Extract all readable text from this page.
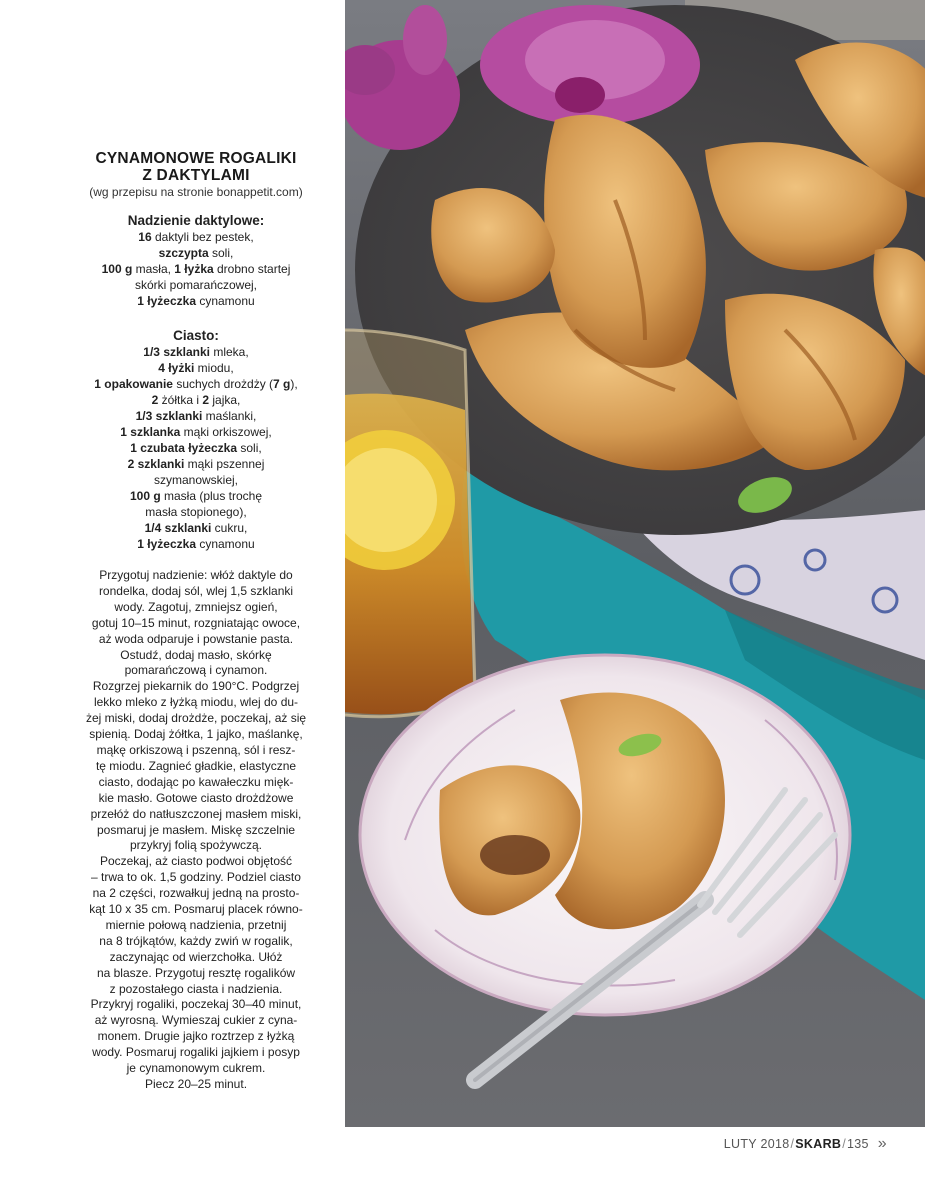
CYNAMONOWE ROGALIKI
Z DAKTYLAMI
(wg przepisu na stronie bonappetit.com)
Nadzienie daktylowe:
16 daktyli bez pestek,
szczypta soli,
100 g masła, 1 łyżka drobno startej
skórki pomarańczowej,
1 łyżeczka cynamonu
Ciasto:
1/3 szklanki mleka,
4 łyżki miodu,
1 opakowanie suchych drożdży (7 g),
2 żółtka i 2 jajka,
1/3 szklanki maślanki,
1 szklanka mąki orkiszowej,
1 czubata łyżeczka soli,
2 szklanki mąki pszennej
szymanowskiej,
100 g masła (plus trochę
masła stopionego),
1/4 szklanki cukru,
1 łyżeczka cynamonu
Przygotuj nadzienie: włóż daktyle do
rondelka, dodaj sól, wlej 1,5 szklanki
wody. Zagotuj, zmniejsz ogień,
gotuj 10–15 minut, rozgniatając owoce,
aż woda odparuje i powstanie pasta.
Ostudź, dodaj masło, skórkę
pomarańczową i cynamon.
Rozgrzej piekarnik do 190°C. Podgrzej
lekko mleko z łyżką miodu, wlej do du-
żej miski, dodaj drożdże, poczekaj, aż się
spienią. Dodaj żółtka, 1 jajko, maślankę,
mąkę orkiszową i pszenną, sól i resz-
tę miodu. Zagnieć gładkie, elastyczne
ciasto, dodając po kawałeczku mięk-
kie masło. Gotowe ciasto drożdżowe
przełóż do natłuszczonej masłem miski,
posmaruj je masłem. Miskę szczelnie
przykryj folią spożywczą.
Poczekaj, aż ciasto podwoi objętość
– trwa to ok. 1,5 godziny. Podziel ciasto
na 2 części, rozwałkuj jedną na prosto-
kąt 10 x 35 cm. Posmaruj placek równo-
miernie połową nadzienia, przetnij
na 8 trójkątów, każdy zwiń w rogalik,
zaczynając od wierzchołka. Ułóż
na blasze. Przygotuj resztę rogalików
z pozostałego ciasta i nadzienia.
Przykryj rogaliki, poczekaj 30–40 minut,
aż wyrosną. Wymieszaj cukier z cyna-
monem. Drugie jajko roztrzep z łyżką
wody. Posmaruj rogaliki jajkiem i posyp
je cynamonowym cukrem.
Piecz 20–25 minut.
LUTY 2018 / SKARB / 135 »
